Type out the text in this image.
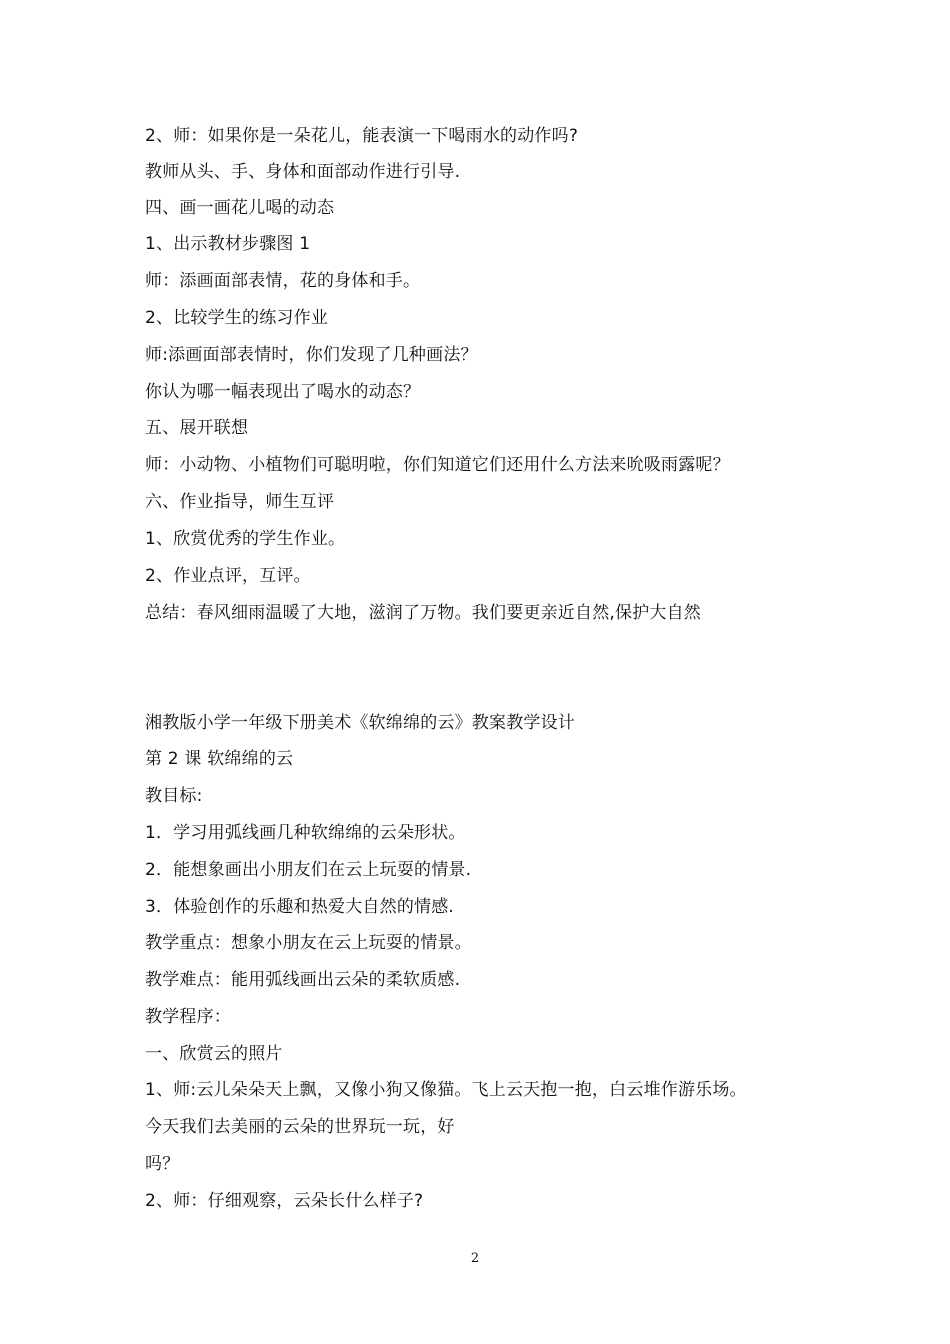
2、师：如果你是一朵花儿，能表演一下喝雨水的动作吗?
教师从头、手、身体和面部动作进行引导.
四、画一画花儿喝的动态
1、出示教材步骤图 1
师：添画面部表情，花的身体和手。
2、比较学生的练习作业
师:添画面部表情时，你们发现了几种画法？
你认为哪一幅表现出了喝水的动态？
五、展开联想
师：小动物、小植物们可聪明啦，你们知道它们还用什么方法来吮吸雨露呢？
六、作业指导，师生互评
1、欣赏优秀的学生作业。
2、作业点评，互评。
总结：春风细雨温暖了大地，滋润了万物。我们要更亲近自然,保护大自然
湘教版小学一年级下册美术《软绵绵的云》教案教学设计
第 2 课 软绵绵的云
教目标:
1．学习用弧线画几种软绵绵的云朵形状。
2．能想象画出小朋友们在云上玩耍的情景.
3．体验创作的乐趣和热爱大自然的情感.
教学重点：想象小朋友在云上玩耍的情景。
教学难点：能用弧线画出云朵的柔软质感.
教学程序：
一、欣赏云的照片
1、师:云儿朵朵天上飘，又像小狗又像猫。飞上云天抱一抱，白云堆作游乐场。
今天我们去美丽的云朵的世界玩一玩，好
吗？
2、师：仔细观察，云朵长什么样子?
2
